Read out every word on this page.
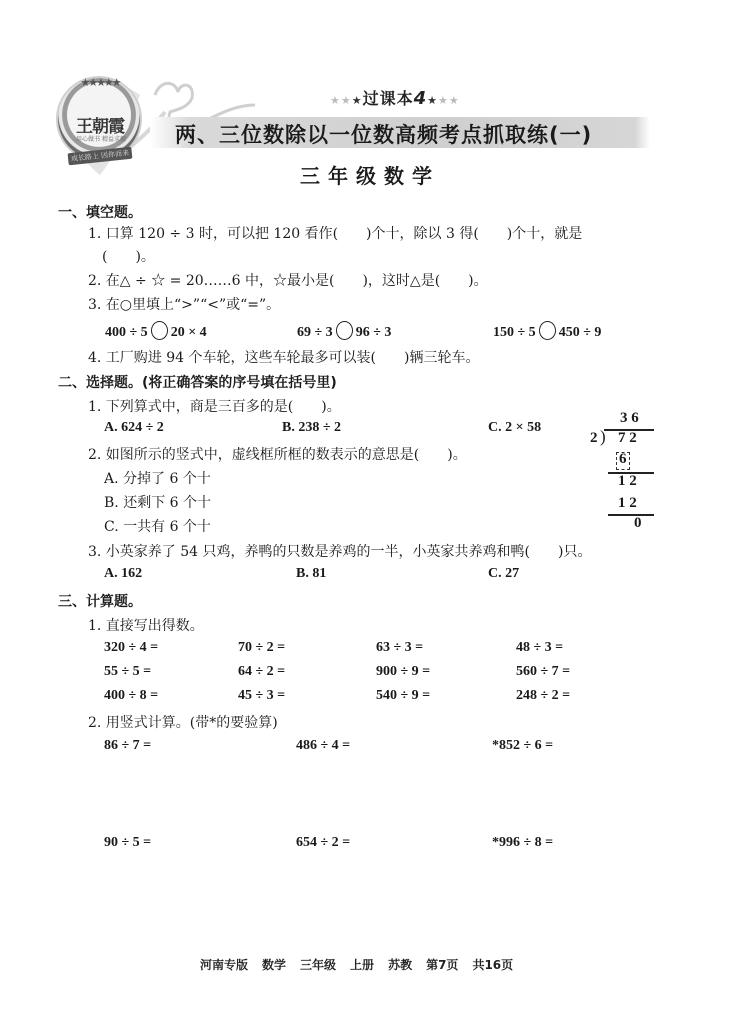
★★★★★
王朝霞
用心做书 精益求精
成长路上 因你而来
★★★过课本4★★★
两、三位数除以一位数高频考点抓取练(一)
三年级数学
一、填空题。
1. 口算 120 ÷ 3 时，可以把 120 看作(　　)个十，除以 3 得(　　)个十，就是
(　　)。
2. 在△ ÷ ☆ = 20……6 中，☆最小是(　　)，这时△是(　　)。
3. 在○里填上“>”“<”或“=”。
400 ÷ 5 20 × 4	69 ÷ 3 96 ÷ 3	150 ÷ 5 450 ÷ 9
4. 工厂购进 94 个车轮，这些车轮最多可以装(　　)辆三轮车。
二、选择题。(将正确答案的序号填在括号里)
1. 下列算式中，商是三百多的是(　　)。
A. 624 ÷ 2	B. 238 ÷ 2	C. 2 × 58
2. 如图所示的竖式中，虚线框所框的数表示的意思是(　　)。
A. 分掉了 6 个十
B. 还剩下 6 个十
C. 一共有 6 个十
3 6
2 ) 7 2
6
1 2
1 2
0
3. 小英家养了 54 只鸡，养鸭的只数是养鸡的一半，小英家共养鸡和鸭(　　)只。
A. 162	B. 81	C. 27
三、计算题。
1. 直接写出得数。
320 ÷ 4 =	70 ÷ 2 =	63 ÷ 3 =	48 ÷ 3 =
55 ÷ 5 =	64 ÷ 2 =	900 ÷ 9 =	560 ÷ 7 =
400 ÷ 8 =	45 ÷ 3 =	540 ÷ 9 =	248 ÷ 2 =
2. 用竖式计算。(带*的要验算)
86 ÷ 7 =	486 ÷ 4 =	*852 ÷ 6 =
90 ÷ 5 =	654 ÷ 2 =	*996 ÷ 8 =
河南专版 数学 三年级 上册 苏教 第7页 共16页
